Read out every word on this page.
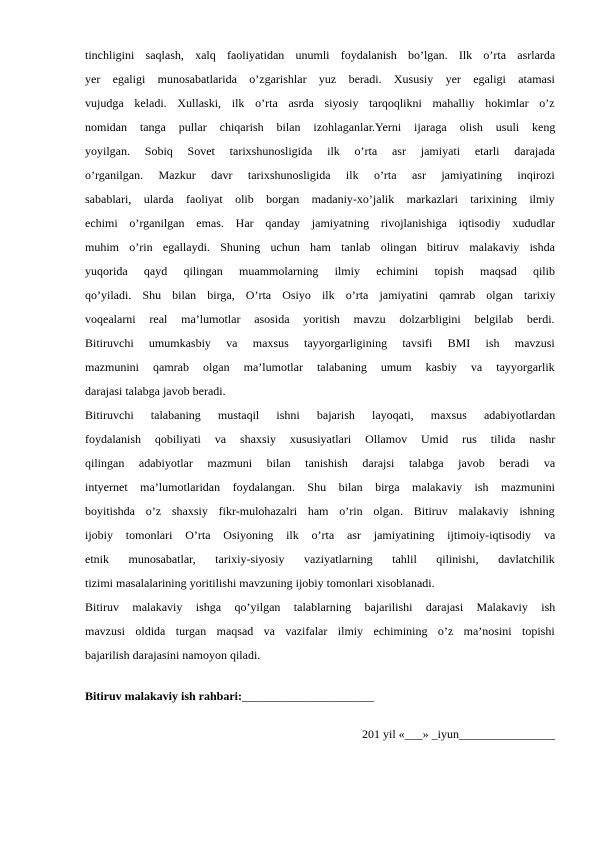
tinchligini saqlash, xalq faoliyatidan unumli foydalanish bo’lgan. Ilk o’rta asrlarda
yer egaligi munosabatlarida o’zgarishlar yuz beradi. Xususiy yer egaligi atamasi
vujudga keladi. Xullaski, ilk o’rta asrda siyosiy tarqoqlikni mahalliy hokimlar o’z
nomidan tanga pullar chiqarish bilan izohlaganlar.Yerni ijaraga olish usuli keng
yoyilgan. Sobiq Sovet tarixshunosligida ilk o’rta asr jamiyati etarli darajada
o’rganilgan. Mazkur davr tarixshunosligida ilk o’rta asr jamiyatining inqirozi
sabablari, ularda faoliyat olib borgan madaniy-xo’jalik markazlari tarixining ilmiy
echimi o’rganilgan emas. Har qanday jamiyatning rivojlanishiga iqtisodiy xududlar
muhim o’rin egallaydi. Shuning uchun ham tanlab olingan bitiruv malakaviy ishda
yuqorida qayd qilingan muammolarning ilmiy echimini topish maqsad qilib
qo’yiladi. Shu bilan birga, O’rta Osiyo ilk o’rta jamiyatini qamrab olgan tarixiy
voqealarni real ma’lumotlar asosida yoritish mavzu dolzarbligini belgilab berdi.
Bitiruvchi umumkasbiy va maxsus tayyorgarligining tavsifi BMI ish mavzusi
mazmunini qamrab olgan ma’lumotlar talabaning umum kasbiy va tayyorgarlik
darajasi talabga javob beradi.
Bitiruvchi talabaning mustaqil ishni bajarish layoqati, maxsus adabiyotlardan
foydalanish qobiliyati va shaxsiy xususiyatlari Ollamov Umid rus tilida nashr
qilingan adabiyotlar mazmuni bilan tanishish darajsi talabga javob beradi va
intyernet ma’lumotlaridan foydalangan. Shu bilan birga malakaviy ish mazmunini
boyitishda o’z shaxsiy fikr-mulohazalri ham o’rin olgan. Bitiruv malakaviy ishning
ijobiy tomonlari O’rta Osiyoning ilk o’rta asr jamiyatining ijtimoiy-iqtisodiy va
etnik munosabatlar, tarixiy-siyosiy vaziyatlarning tahlil qilinishi, davlatchilik
tizimi masalalarining yoritilishi mavzuning ijobiy tomonlari xisoblanadi.
Bitiruv malakaviy ishga qo’yilgan talablarning bajarilishi darajasi Malakaviy ish
mavzusi oldida turgan maqsad va vazifalar ilmiy echimining o’z ma’nosini topishi
bajarilish darajasini namoyon qiladi.

Bitiruv malakaviy ish rahbari:______________________

201 yil «___» _iyun________________
